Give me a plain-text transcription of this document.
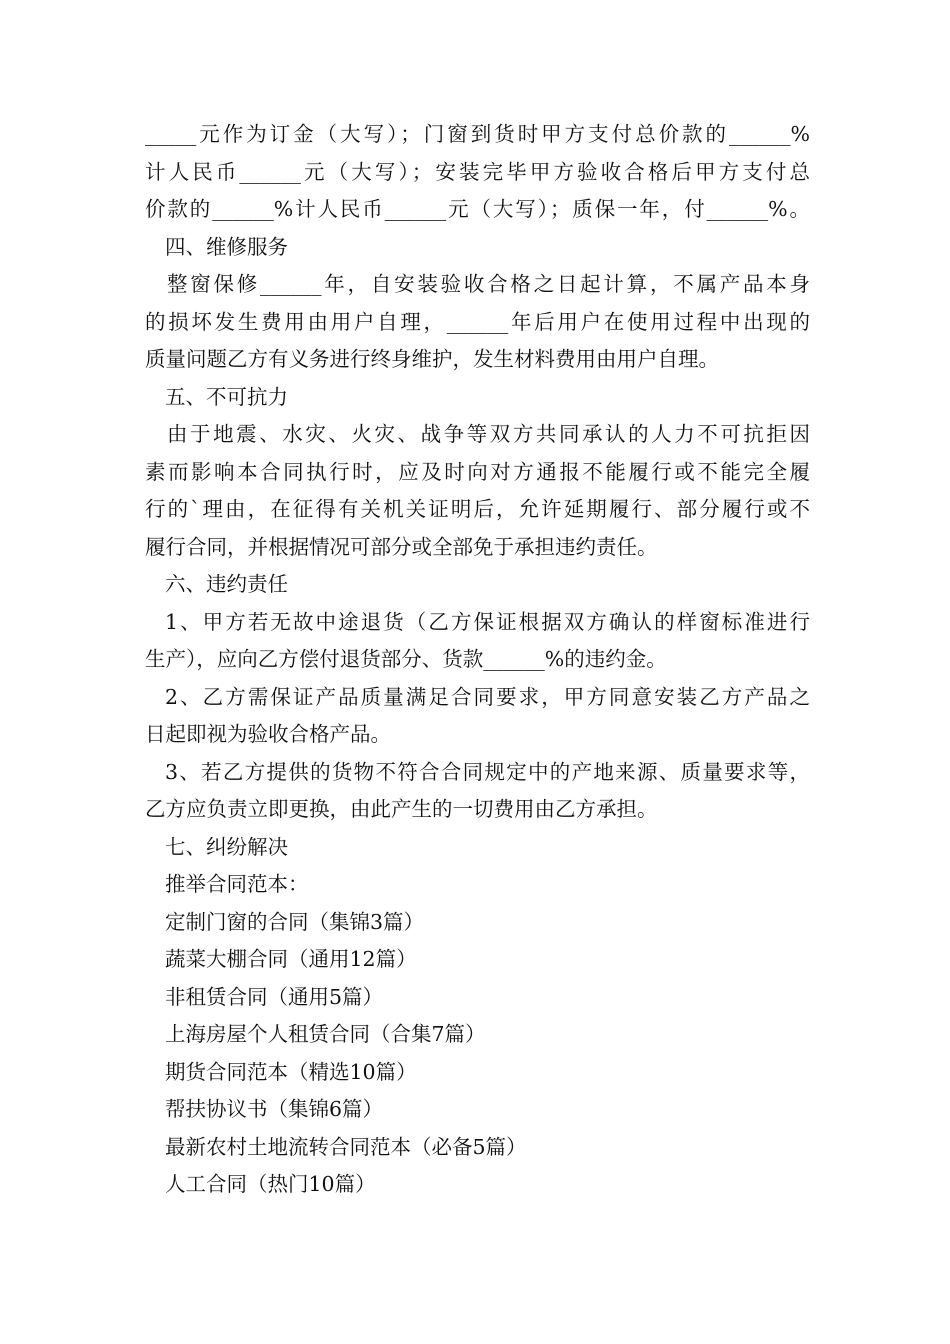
_____元作为订金（大写）；门窗到货时甲方支付总价款的______%
计人民币______元（大写）；安装完毕甲方验收合格后甲方支付总
价款的______%计人民币______元（大写）；质保一年，付______%。
四、维修服务
整窗保修______年，自安装验收合格之日起计算，不属产品本身
的损坏发生费用由用户自理，______年后用户在使用过程中出现的
质量问题乙方有义务进行终身维护，发生材料费用由用户自理。
五、不可抗力
由于地震、水灾、火灾、战争等双方共同承认的人力不可抗拒因
素而影响本合同执行时，应及时向对方通报不能履行或不能完全履
行的`理由，在征得有关机关证明后，允许延期履行、部分履行或不
履行合同，并根据情况可部分或全部免于承担违约责任。
六、违约责任
1、甲方若无故中途退货（乙方保证根据双方确认的样窗标准进行
生产），应向乙方偿付退货部分、货款______%的违约金。
2、乙方需保证产品质量满足合同要求，甲方同意安装乙方产品之
日起即视为验收合格产品。
3、若乙方提供的货物不符合合同规定中的产地来源、质量要求等，
乙方应负责立即更换，由此产生的一切费用由乙方承担。
七、纠纷解决
推举合同范本：
定制门窗的合同（集锦3篇）
蔬菜大棚合同（通用12篇）
非租赁合同（通用5篇）
上海房屋个人租赁合同（合集7篇）
期货合同范本（精选10篇）
帮扶协议书（集锦6篇）
最新农村土地流转合同范本（必备5篇）
人工合同（热门10篇）
